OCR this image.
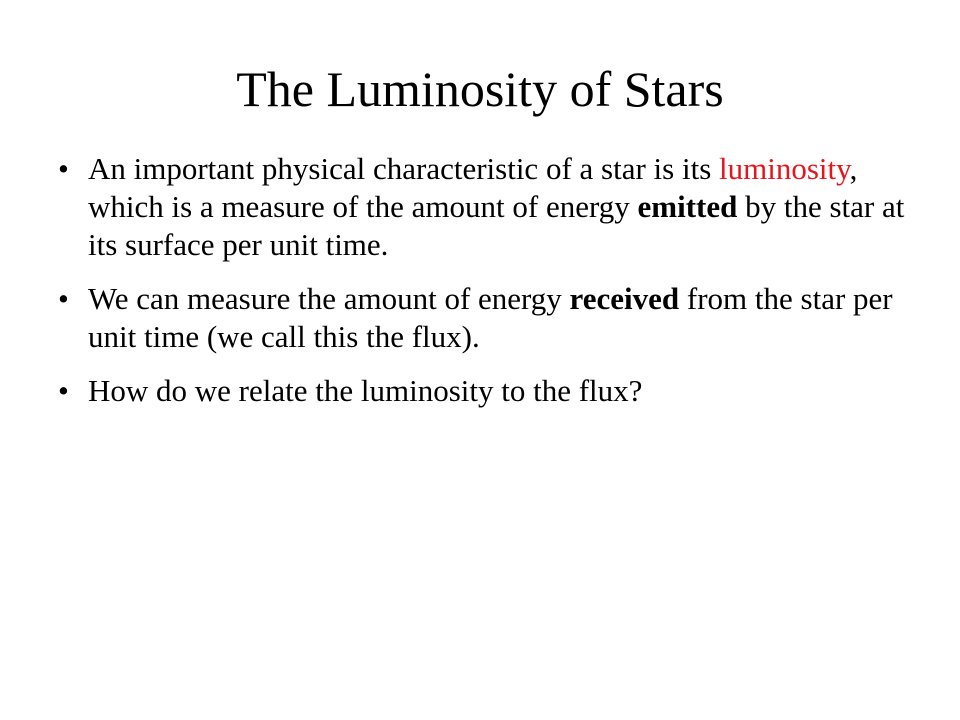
The Luminosity of Stars
• An important physical characteristic of a star is its luminosity, which is a measure of the amount of energy emitted by the star at its surface per unit time.
• We can measure the amount of energy received from the star per unit time (we call this the flux).
• How do we relate the luminosity to the flux?
